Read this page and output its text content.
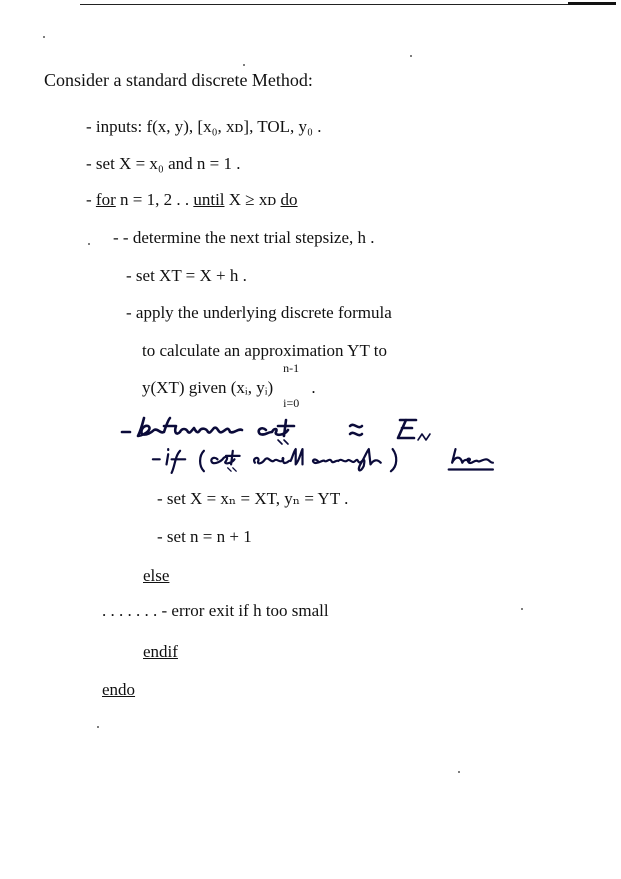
Consider a standard discrete Method:
- inputs: f(x, y), [x₀, xᴅ], TOL, y₀ .
- set X = x₀ and n = 1 .
- for n = 1, 2 . . until X ≥ xᴅ do
- - determine the next trial stepsize, h .
- set XT = X + h .
- apply the underlying discrete formula
to calculate an approximation YT to
y(XT) given (xᵢ, yᵢ)
n-1
i=0
.
- set X = xₙ = XT, yₙ = YT .
- set n = n + 1
else
. . . . . . . - error exit if h too small
endif
endo
